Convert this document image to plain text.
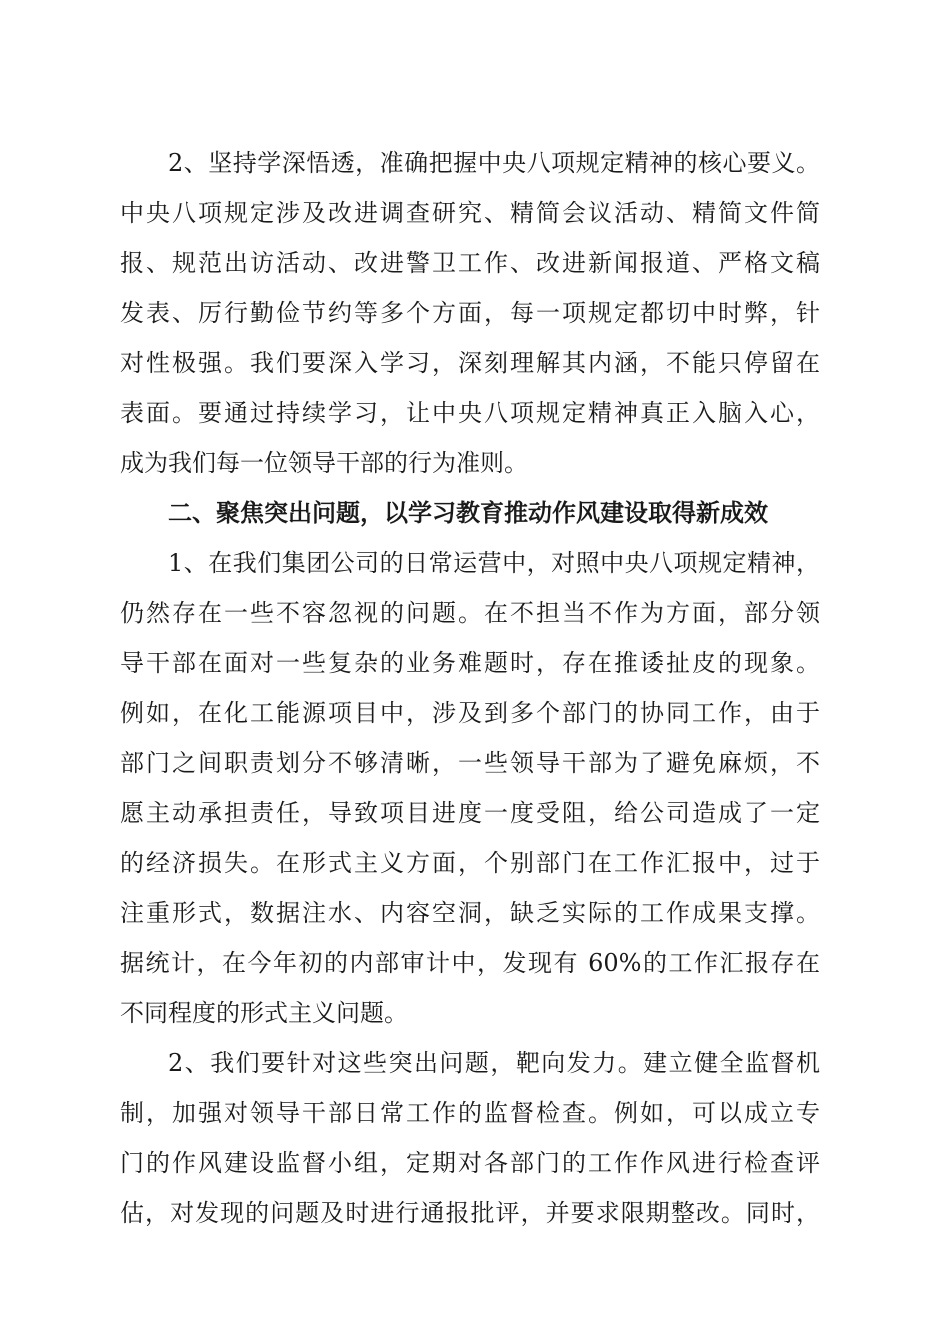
2、坚持学深悟透，准确把握中央八项规定精神的核心要义。
中央八项规定涉及改进调查研究、精简会议活动、精简文件简
报、规范出访活动、改进警卫工作、改进新闻报道、严格文稿
发表、厉行勤俭节约等多个方面，每一项规定都切中时弊，针
对性极强。我们要深入学习，深刻理解其内涵，不能只停留在
表面。要通过持续学习，让中央八项规定精神真正入脑入心，
成为我们每一位领导干部的行为准则。
二、聚焦突出问题，以学习教育推动作风建设取得新成效
1、在我们集团公司的日常运营中，对照中央八项规定精神，
仍然存在一些不容忽视的问题。在不担当不作为方面，部分领
导干部在面对一些复杂的业务难题时，存在推诿扯皮的现象。
例如，在化工能源项目中，涉及到多个部门的协同工作，由于
部门之间职责划分不够清晰，一些领导干部为了避免麻烦，不
愿主动承担责任，导致项目进度一度受阻，给公司造成了一定
的经济损失。在形式主义方面，个别部门在工作汇报中，过于
注重形式，数据注水、内容空洞，缺乏实际的工作成果支撑。
据统计，在今年初的内部审计中，发现有 60%的工作汇报存在
不同程度的形式主义问题。
2、我们要针对这些突出问题，靶向发力。建立健全监督机
制，加强对领导干部日常工作的监督检查。例如，可以成立专
门的作风建设监督小组，定期对各部门的工作作风进行检查评
估，对发现的问题及时进行通报批评，并要求限期整改。同时，
